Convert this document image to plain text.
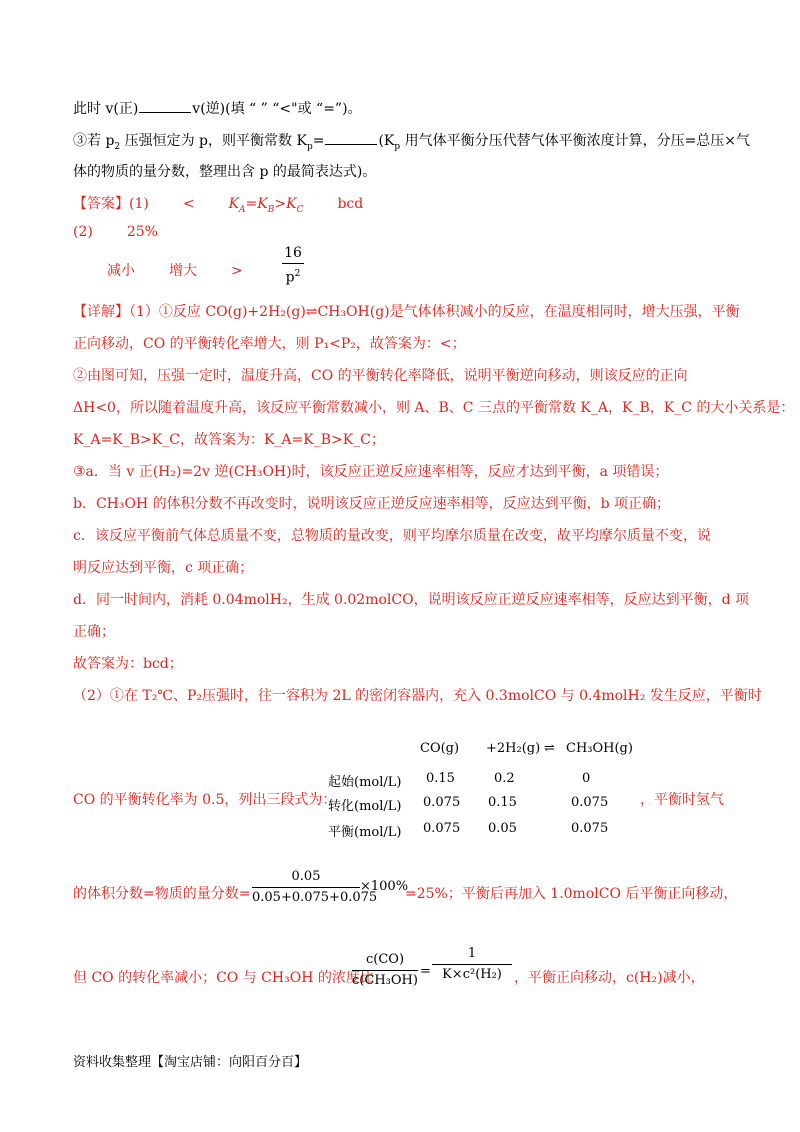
此时 v(正)	v(逆)(填 “ ” “<"或 “=”)。
③若 $p_2$ 压强恒定为 p，则平衡常数 $K_p=$	($K_p$ 用气体平衡分压代替气体平衡浓度计算，分压=总压×气
体的物质的量分数，整理出含 p 的最简表达式)。
【答案】$(1) < K_A=K_B>K_C$ bcd
(2) 25%
减小 增大 >
16
$p^2$
【详解】（1）①反应 CO(g)+2H₂(g)⇌CH₃OH(g)是气体体积减小的反应，在温度相同时，增大压强，平衡
正向移动，CO 的平衡转化率增大，则 P₁<P₂，故答案为：<；
②由图可知，压强一定时，温度升高，CO 的平衡转化率降低，说明平衡逆向移动，则该反应的正向
ΔH<0，所以随着温度升高，该反应平衡常数减小，则 A、B、C 三点的平衡常数 K_A，K_B，K_C 的大小关系是：
K_A=K_B>K_C，故答案为：K_A=K_B>K_C；
③a．当 v 正(H₂)=2v 逆(CH₃OH)时，该反应正逆反应速率相等，反应才达到平衡，a 项错误；
b．CH₃OH 的体积分数不再改变时，说明该反应正逆反应速率相等，反应达到平衡，b 项正确；
c．该反应平衡前气体总质量不变，总物质的量改变，则平均摩尔质量在改变，故平均摩尔质量不变，说
明反应达到平衡，c 项正确；
d．同一时间内，消耗 0.04molH₂，生成 0.02molCO，说明该反应正逆反应速率相等，反应达到平衡，d 项
正确；
故答案为：bcd；
（2）①在 T₂℃、P₂压强时，往一容积为 2L 的密闭容器内，充入 0.3molCO 与 0.4molH₂ 发生反应，平衡时
CO 的平衡转化率为 0.5，列出三段式为：	，平衡时氢气
CO(g) +2H₂(g) ⇌ CH₃OH(g)
起始(mol/L) 0.15	0.2	0
转化(mol/L) 0.075 0.15	0.075
平衡(mol/L) 0.075 0.05	0.075
的体积分数=物质的量分数=
0.05
0.05+0.075+0.075
×100%
=25%；平衡后再加入 1.0molCO 后平衡正向移动，
但 CO 的转化率减小；CO 与 CH₃OH 的浓度比
c(CO)
c(CH₃OH)
=
1
K×c²(H₂) ，平衡正向移动，c(H₂)减小，
资料收集整理【淘宝店铺：向阳百分百】
